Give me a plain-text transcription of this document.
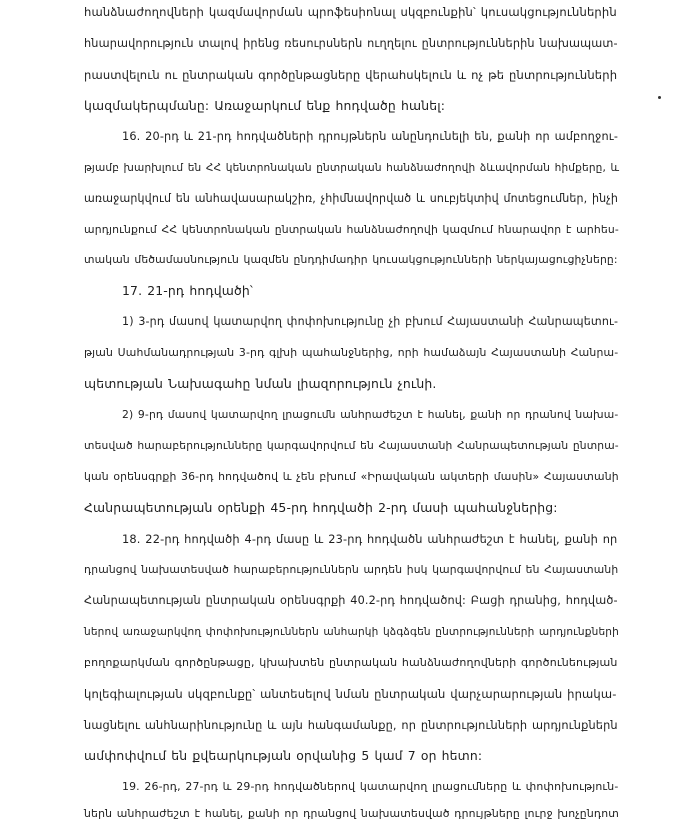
հանձնաժողովների կազմավորման պրոֆեսիոնալ սկզբունքին՝ կուսակցություններին
հնարավորություն տալով իրենց ռեսուրսներն ուղղելու ընտրություններին նախապատ-
րաստվելուն ու ընտրական գործընթացները վերահսկելուն և ոչ թե ընտրությունների
կազմակերպմանը: Առաջարկում ենք հոդվածը հանել:
16. 20-րդ և 21-րդ հոդվածների դրույթներն անընդունելի են, քանի որ ամբողջու-
թյամբ խարխլում են ՀՀ կենտրոնական ընտրական հանձնաժողովի ձևավորման հիմքերը, և
առաջարկվում են անհավասարակշիռ, չհիմնավորված և սուբյեկտիվ մոտեցումներ, ինչի
արդյունքում ՀՀ կենտրոնական ընտրական հանձնաժողովի կազմում հնարավոր է արհես-
տական մեծամասնություն կազմեն ընդդիմադիր կուսակցությունների ներկայացուցիչները:
17. 21-րդ հոդվածի՝
1) 3-րդ մասով կատարվող փոփոխությունը չի բխում Հայաստանի Հանրապետու-
թյան Սահմանադրության 3-րդ գլխի պահանջներից, որի համաձայն Հայաստանի Հանրա-
պետության Նախագահը նման լիազորություն չունի.
2) 9-րդ մասով կատարվող լրացումն անհրաժեշտ է հանել, քանի որ դրանով նախա-
տեսված հարաբերությունները կարգավորվում են Հայաստանի Հանրապետության ընտրա-
կան օրենսգրքի 36-րդ հոդվածով և չեն բխում «Իրավական ակտերի մասին» Հայաստանի
Հանրապետության օրենքի 45-րդ հոդվածի 2-րդ մասի պահանջներից:
18. 22-րդ հոդվածի 4-րդ մասը և 23-րդ հոդվածն անհրաժեշտ է հանել, քանի որ
դրանցով նախատեսված հարաբերություններն արդեն իսկ կարգավորվում են Հայաստանի
Հանրապետության ընտրական օրենսգրքի 40.2-րդ հոդվածով: Բացի դրանից, հոդված-
ներով առաջարկվող փոփոխություններն անհարկի կձգձգեն ընտրությունների արդյունքների
բողոքարկման գործընթացը, կխախտեն ընտրական հանձնաժողովների գործունեության
կոլեգիալության սկզբունքը՝ անտեսելով նման ընտրական վարչարարության իրակա-
նացնելու անհնարինությունը և այն հանգամանքը, որ ընտրությունների արդյունքներն
ամփոփվում են քվեարկության օրվանից 5 կամ 7 օր հետո:
19. 26-րդ, 27-րդ և 29-րդ հոդվածներով կատարվող լրացումները և փոփոխություն-
ներն անհրաժեշտ է հանել, քանի որ դրանցով նախատեսված դրույթները լուրջ խոչընդոտ
